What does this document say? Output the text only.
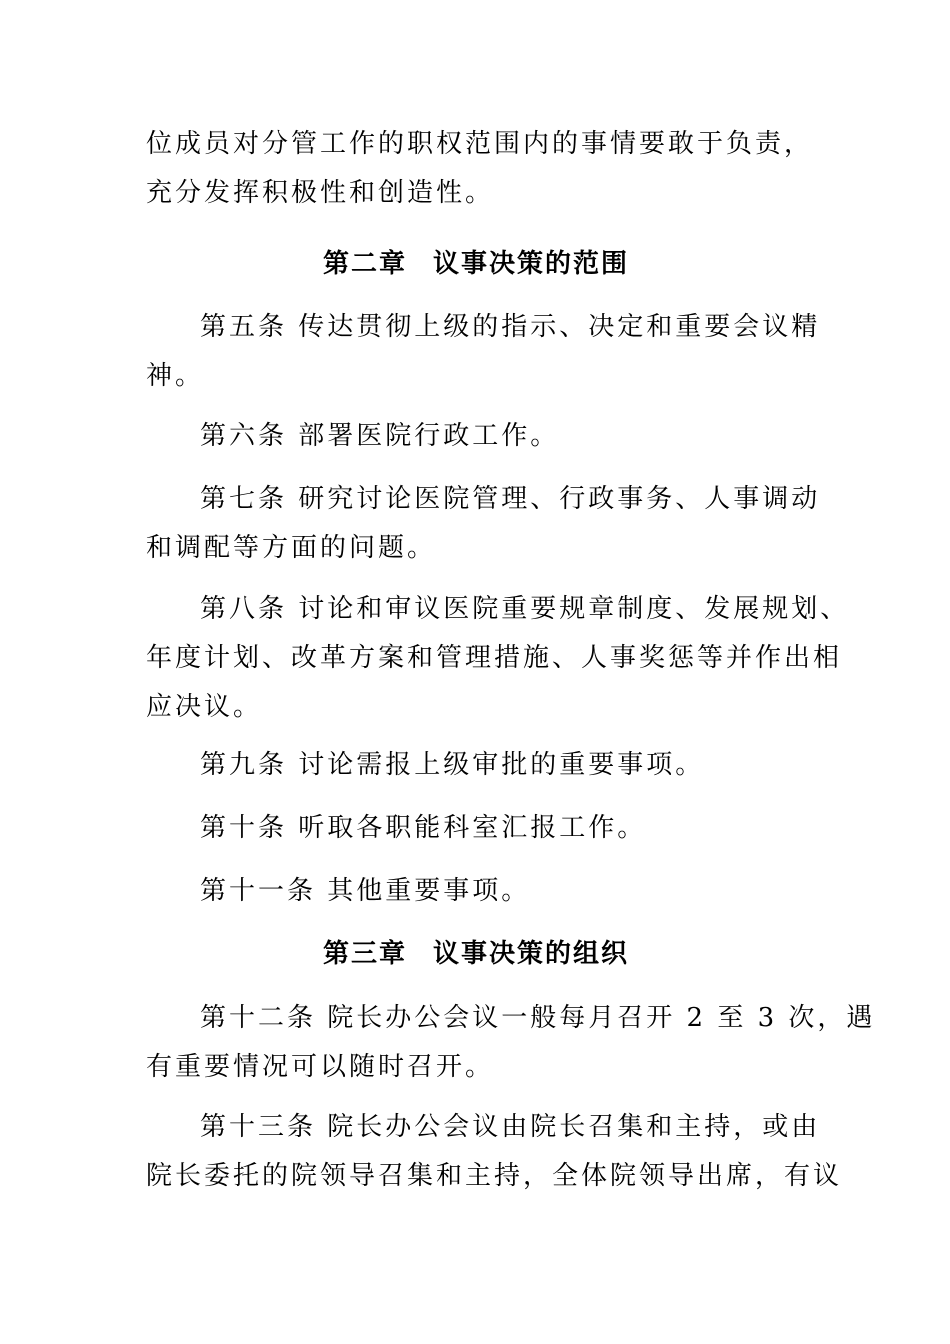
位成员对分管工作的职权范围内的事情要敢于负责，
充分发挥积极性和创造性。
第二章 议事决策的范围
第五条 传达贯彻上级的指示、决定和重要会议精
神。
第六条 部署医院行政工作。
第七条 研究讨论医院管理、行政事务、人事调动
和调配等方面的问题。
第八条 讨论和审议医院重要规章制度、发展规划、
年度计划、改革方案和管理措施、人事奖惩等并作出相
应决议。
第九条 讨论需报上级审批的重要事项。
第十条 听取各职能科室汇报工作。
第十一条 其他重要事项。
第三章 议事决策的组织
第十二条 院长办公会议一般每月召开 2 至 3 次，遇
有重要情况可以随时召开。
第十三条 院长办公会议由院长召集和主持，或由
院长委托的院领导召集和主持，全体院领导出席，有议
